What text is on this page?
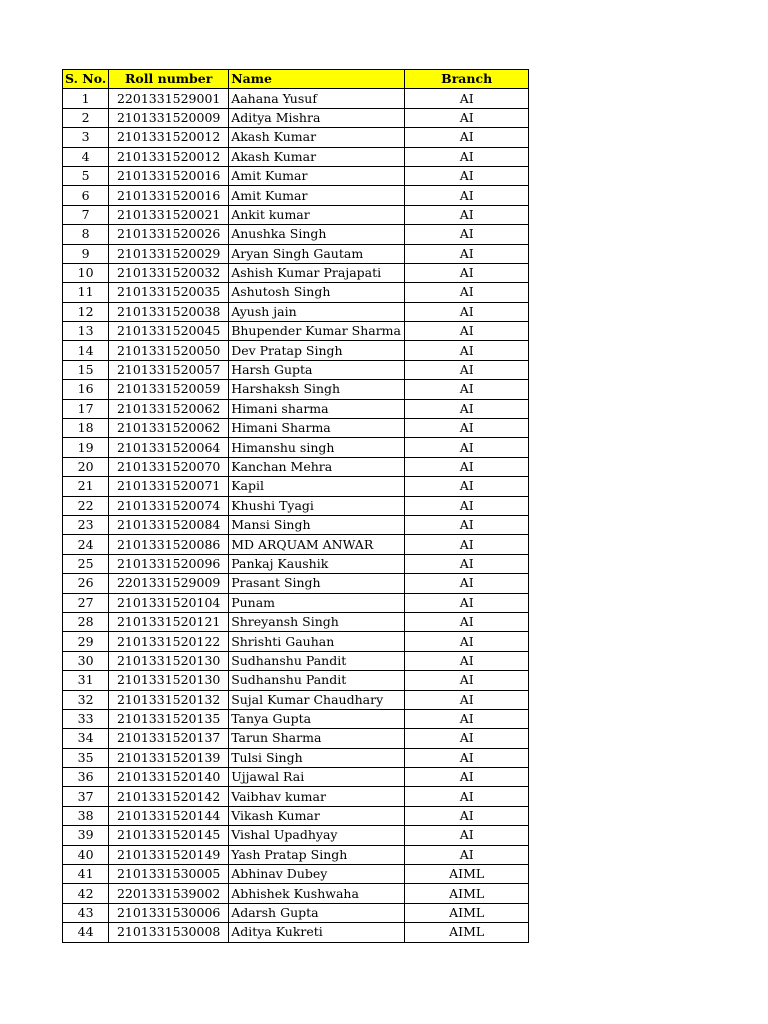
S. No.	Roll number	Name	Branch
1	2201331529001	Aahana Yusuf	AI
2	2101331520009	Aditya Mishra	AI
3	2101331520012	Akash Kumar	AI
4	2101331520012	Akash Kumar	AI
5	2101331520016	Amit Kumar	AI
6	2101331520016	Amit Kumar	AI
7	2101331520021	Ankit kumar	AI
8	2101331520026	Anushka Singh	AI
9	2101331520029	Aryan Singh Gautam	AI
10	2101331520032	Ashish Kumar Prajapati	AI
11	2101331520035	Ashutosh Singh	AI
12	2101331520038	Ayush jain	AI
13	2101331520045	Bhupender Kumar Sharma	AI
14	2101331520050	Dev Pratap Singh	AI
15	2101331520057	Harsh Gupta	AI
16	2101331520059	Harshaksh Singh	AI
17	2101331520062	Himani sharma	AI
18	2101331520062	Himani Sharma	AI
19	2101331520064	Himanshu singh	AI
20	2101331520070	Kanchan Mehra	AI
21	2101331520071	Kapil	AI
22	2101331520074	Khushi Tyagi	AI
23	2101331520084	Mansi Singh	AI
24	2101331520086	MD ARQUAM ANWAR	AI
25	2101331520096	Pankaj Kaushik	AI
26	2201331529009	Prasant Singh	AI
27	2101331520104	Punam	AI
28	2101331520121	Shreyansh Singh	AI
29	2101331520122	Shrishti Gauhan	AI
30	2101331520130	Sudhanshu Pandit	AI
31	2101331520130	Sudhanshu Pandit	AI
32	2101331520132	Sujal Kumar Chaudhary	AI
33	2101331520135	Tanya Gupta	AI
34	2101331520137	Tarun Sharma	AI
35	2101331520139	Tulsi Singh	AI
36	2101331520140	Ujjawal Rai	AI
37	2101331520142	Vaibhav kumar	AI
38	2101331520144	Vikash Kumar	AI
39	2101331520145	Vishal Upadhyay	AI
40	2101331520149	Yash Pratap Singh	AI
41	2101331530005	Abhinav Dubey	AIML
42	2201331539002	Abhishek Kushwaha	AIML
43	2101331530006	Adarsh Gupta	AIML
44	2101331530008	Aditya Kukreti	AIML
